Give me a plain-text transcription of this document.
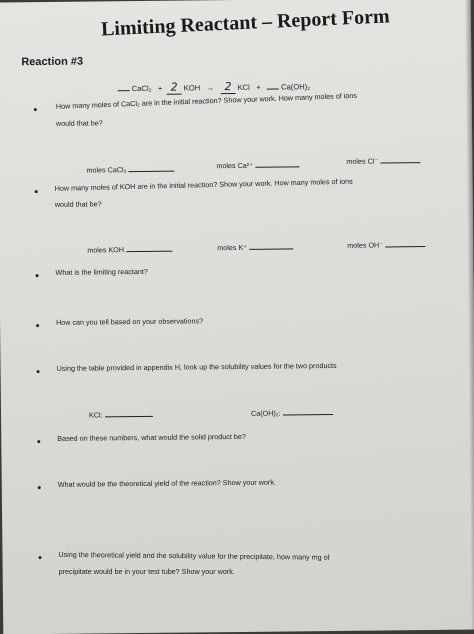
Limiting Reactant – Report Form
Reaction #3
CaCl₂ + 2 KOH → 2 KCl +	Ca(OH)₂
How many moles of CaCl₂ are in the initial reaction? Show your work. How many moles of ions
would that be?
moles CaCl₂	moles Ca²⁺	moles Cl⁻
How many moles of KOH are in the initial reaction? Show your work. How many moles of ions
would that be?
moles KOH	moles K⁺	moles OH⁻
What is the limiting reactant?
How can you tell based on your observations?
Using the table provided in appendix H, look up the solubility values for the two products
KCl:	Ca(OH)₂:
Based on these numbers, what would the solid product be?
What would be the theoretical yield of the reaction? Show your work.
Using the theoretical yield and the solubility value for the precipitate, how many mg of
precipitate would be in your test tube? Show your work.
